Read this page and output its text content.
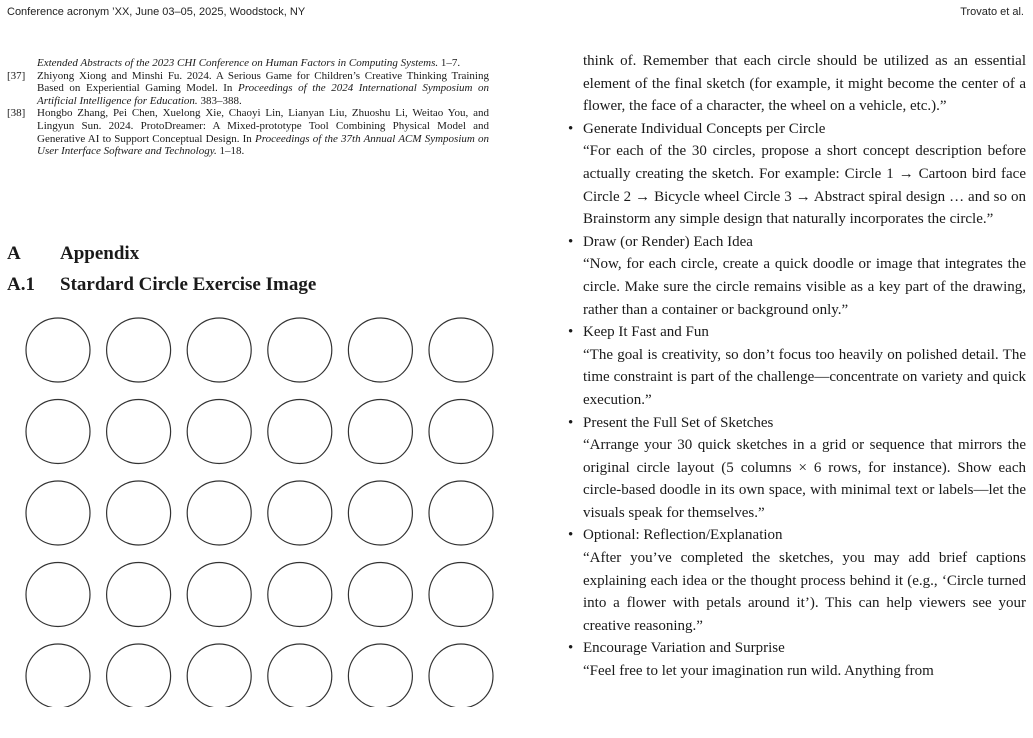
Conference acronym ’XX, June 03–05, 2025, Woodstock, NY	Trovato et al.

Extended Abstracts of the 2023 CHI Conference on Human Factors in Computing Systems. 1–7.

[37]	Zhiyong Xiong and Minshi Fu. 2024. A Serious Game for Children’s Creative Thinking Training Based on Experiential Gaming Model. In Proceedings of the 2024 International Symposium on Artificial Intelligence for Education. 383–388.
[38]	Hongbo Zhang, Pei Chen, Xuelong Xie, Chaoyi Lin, Lianyan Liu, Zhuoshu Li, Weitao You, and Lingyun Sun. 2024. ProtoDreamer: A Mixed-prototype Tool Combining Physical Model and Generative AI to Support Conceptual Design. In Proceedings of the 37th Annual ACM Symposium on User Interface Software and Technology. 1–18.
A Appendix
A.1 Stardard Circle Exercise Image

think of. Remember that each circle should be utilized as an essential element of the final sketch (for example, it might become the center of a flower, the face of a character, the wheel on a vehicle, etc.).”

• Generate Individual Concepts per Circle

“For each of the 30 circles, propose a short concept description before actually creating the sketch. For example: Circle 1 → Cartoon bird face Circle 2 → Bicycle wheel Circle 3 → Abstract spiral design … and so on Brainstorm any simple design that naturally incorporates the circle.”

• Draw (or Render) Each Idea

“Now, for each circle, create a quick doodle or image that integrates the circle. Make sure the circle remains visible as a key part of the drawing, rather than a container or background only.”

• Keep It Fast and Fun

“The goal is creativity, so don’t focus too heavily on polished detail. The time constraint is part of the challenge—concentrate on variety and quick execution.”

• Present the Full Set of Sketches

“Arrange your 30 quick sketches in a grid or sequence that mirrors the original circle layout (5 columns × 6 rows, for instance). Show each circle-based doodle in its own space, with minimal text or labels—let the visuals speak for themselves.”

• Optional: Reflection/Explanation

“After you’ve completed the sketches, you may add brief captions explaining each idea or the thought process behind it (e.g., ‘Circle turned into a flower with petals around it’). This can help viewers see your creative reasoning.”

• Encourage Variation and Surprise

“Feel free to let your imagination run wild. Anything from
